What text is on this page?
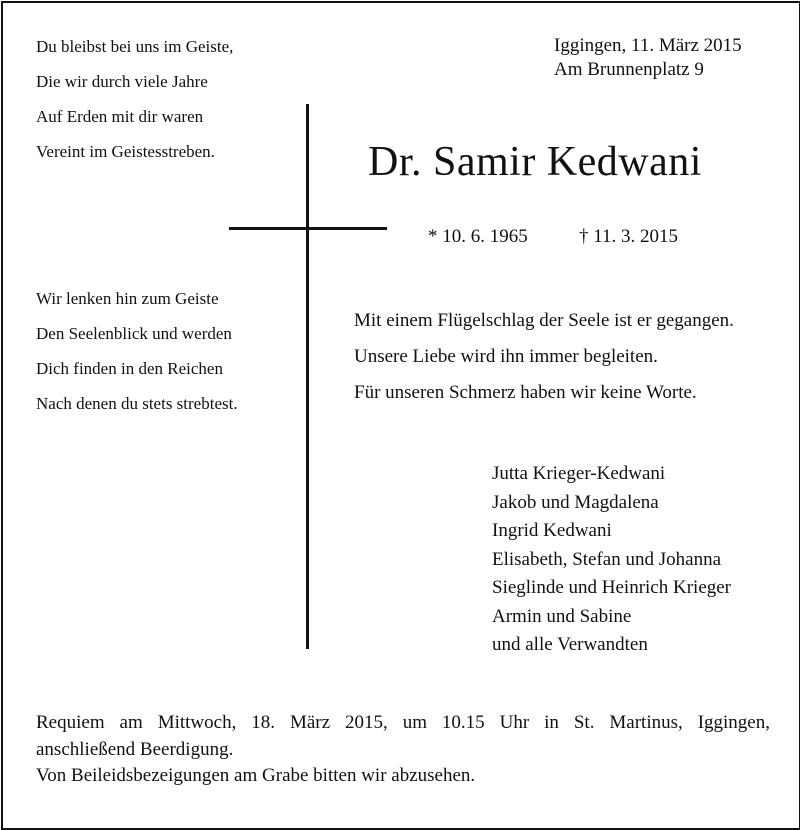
Du bleibst bei uns im Geiste,
Die wir durch viele Jahre
Auf Erden mit dir waren
Vereint im Geistesstreben.
Iggingen, 11. März 2015
Am Brunnenplatz 9
Dr. Samir Kedwani
* 10. 6. 1965	† 11. 3. 2015
Wir lenken hin zum Geiste
Den Seelenblick und werden
Dich finden in den Reichen
Nach denen du stets strebtest.
Mit einem Flügelschlag der Seele ist er gegangen.
Unsere Liebe wird ihn immer begleiten.
Für unseren Schmerz haben wir keine Worte.
Jutta Krieger-Kedwani
Jakob und Magdalena
Ingrid Kedwani
Elisabeth, Stefan und Johanna
Sieglinde und Heinrich Krieger
Armin und Sabine
und alle Verwandten
Requiem am Mittwoch, 18. März 2015, um 10.15 Uhr in St. Martinus, Iggingen,
anschließend Beerdigung.
Von Beileidsbezeigungen am Grabe bitten wir abzusehen.
